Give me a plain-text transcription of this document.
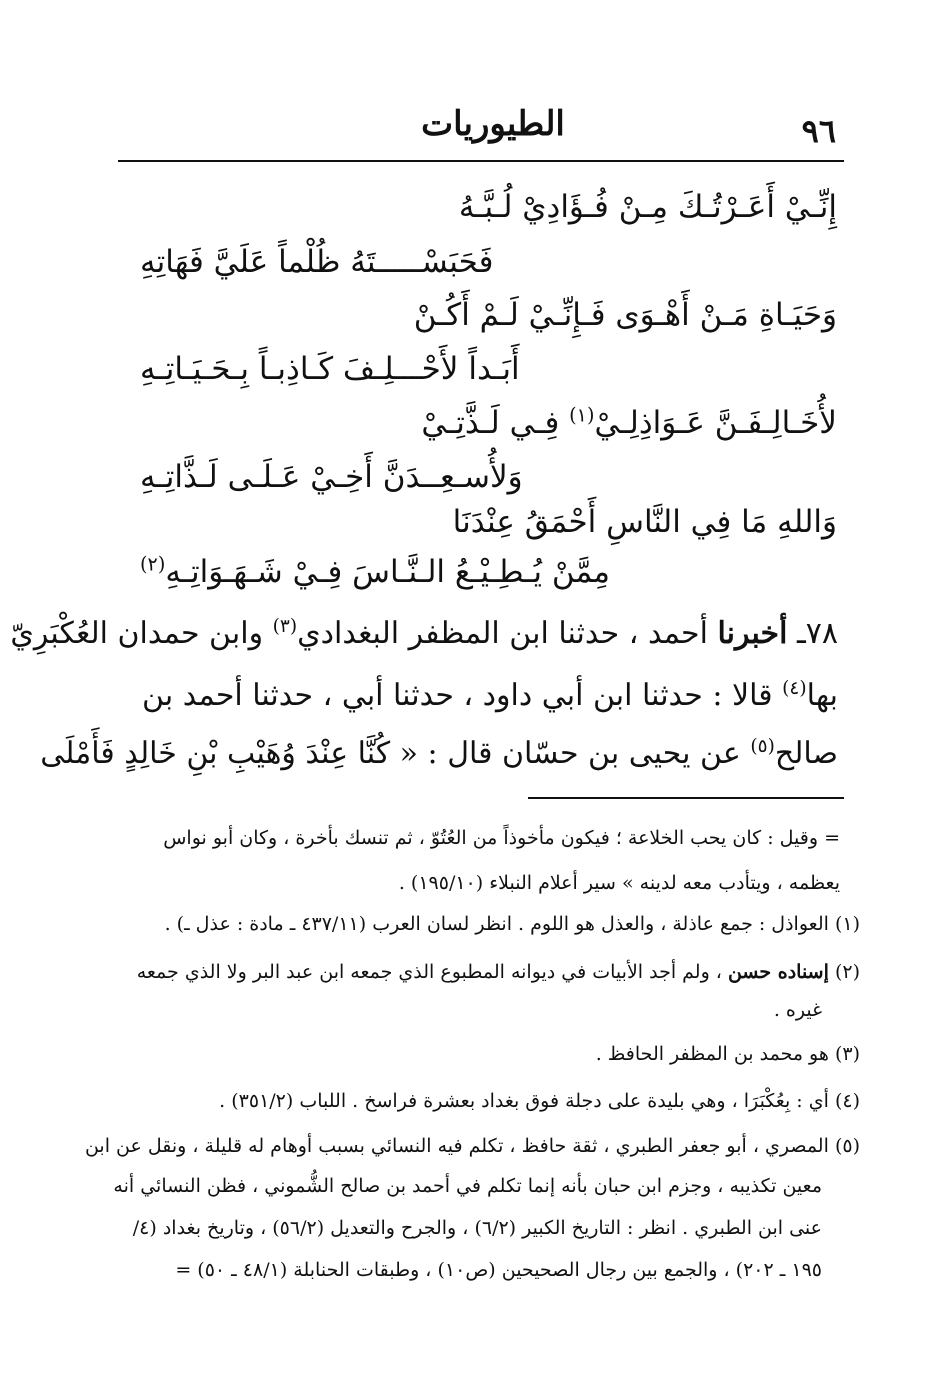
٩٦
الطيوريات
إِنِّـيْ أَعَـرْتُـكَ مِـنْ فُـؤَادِيْ لُـبَّـهُ
فَحَبَسْـــــتَهُ ظُلْماً عَلَيَّ فَهَاتِهِ
وَحَيَـاةِ مَـنْ أَهْـوَى فَـإِنِّـيْ لَـمْ أَكُـنْ
أَبَـداً لأَحْـــلِـفَ كَـاذِبـاً بِـحَـيَـاتِـهِ
لأُخَـالِـفَـنَّ عَـوَاذِلِـيْ$^{(١)}$ فِـي لَـذَّتِـيْ
وَلأُسـعِــدَنَّ أَخِـيْ عَـلَـى لَـذَّاتِـهِ
وَاللهِ مَا فِي النَّاسِ أَحْمَقُ عِنْدَنَا
مِمَّنْ يُـطِـيْـعُ الـنَّـاسَ فِـيْ شَـهَـوَاتِـهِ$^{(٢)}$
٧٨ـ أخبرنا أحمد ، حدثنا ابن المظفر البغدادي$^{(٣)}$ وابن حمدان العُكْبَرِيّ
بها$^{(٤)}$ قالا : حدثنا ابن أبي داود ، حدثنا أبي ، حدثنا أحمد بن
صالح$^{(٥)}$ عن يحيى بن حسّان قال : « كُنَّا عِنْدَ وُهَيْبِ بْنِ خَالِدٍ فَأَمْلَى
= وقيل : كان يحب الخلاعة ؛ فيكون مأخوذاً من العُتُوّ ، ثم تنسك بأخرة ، وكان أبو نواس
يعظمه ، ويتأدب معه لدينه » سير أعلام النبلاء (١٩٥/١٠) .
(١) العواذل : جمع عاذلة ، والعذل هو اللوم . انظر لسان العرب (٤٣٧/١١ ـ مادة : عذل ـ) .
(٢) إسناده حسن ، ولم أجد الأبيات في ديوانه المطبوع الذي جمعه ابن عبد البر ولا الذي جمعه
غيره .
(٣) هو محمد بن المظفر الحافظ .
(٤) أي : بِعُكْبَرَا ، وهي بليدة على دجلة فوق بغداد بعشرة فراسخ . اللباب (٣٥١/٢) .
(٥) المصري ، أبو جعفر الطبري ، ثقة حافظ ، تكلم فيه النسائي بسبب أوهام له قليلة ، ونقل عن ابن
معين تكذيبه ، وجزم ابن حبان بأنه إنما تكلم في أحمد بن صالح الشُّموني ، فظن النسائي أنه
عنى ابن الطبري . انظر : التاريخ الكبير (٦/٢) ، والجرح والتعديل (٥٦/٢) ، وتاريخ بغداد (٤/
١٩٥ ـ ٢٠٢) ، والجمع بين رجال الصحيحين (ص١٠) ، وطبقات الحنابلة (٤٨/١ ـ ٥٠) =
